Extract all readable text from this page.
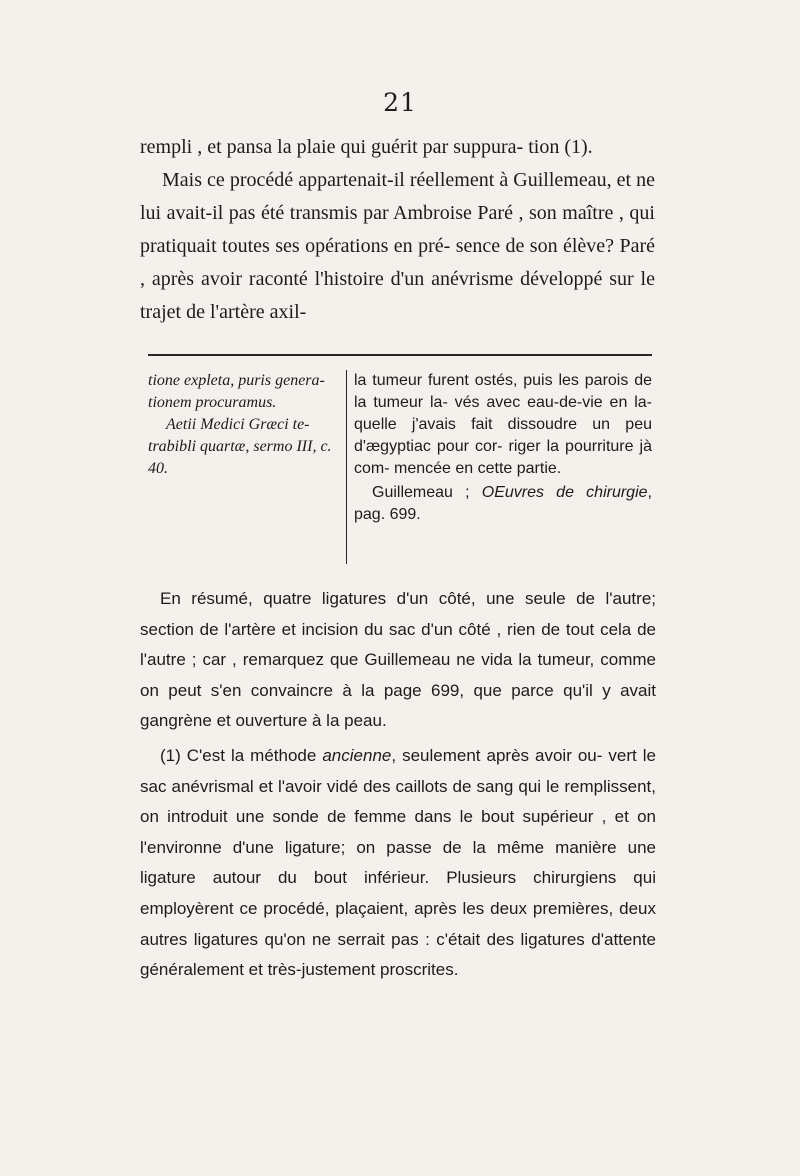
21

rempli , et pansa la plaie qui guérit par suppura- tion (1).

Mais ce procédé appartenait-il réellement à Guillemeau, et ne lui avait-il pas été transmis par Ambroise Paré , son maître , qui pratiquait toutes ses opérations en pré- sence de son élève? Paré , après avoir raconté l'histoire d'un anévrisme développé sur le trajet de l'artère axil-

tione expleta, puris genera- tionem procuramus.

Aetii Medici Græci te- trabibli quartæ, sermo III, c. 40.

la tumeur furent ostés, puis les parois de la tumeur la- vés avec eau-de-vie en la- quelle j'avais fait dissoudre un peu d'ægyptiac pour cor- riger la pourriture jà com- mencée en cette partie.

Guillemeau ; OEuvres de chirurgie, pag. 699.

En résumé, quatre ligatures d'un côté, une seule de l'autre; section de l'artère et incision du sac d'un côté , rien de tout cela de l'autre ; car , remarquez que Guillemeau ne vida la tumeur, comme on peut s'en convaincre à la page 699, que parce qu'il y avait gangrène et ouverture à la peau.

(1) C'est la méthode ancienne, seulement après avoir ou- vert le sac anévrismal et l'avoir vidé des caillots de sang qui le remplissent, on introduit une sonde de femme dans le bout supérieur , et on l'environne d'une ligature; on passe de la même manière une ligature autour du bout inférieur. Plusieurs chirurgiens qui employèrent ce procédé, plaçaient, après les deux premières, deux autres ligatures qu'on ne serrait pas : c'était des ligatures d'attente généralement et très-justement proscrites.
